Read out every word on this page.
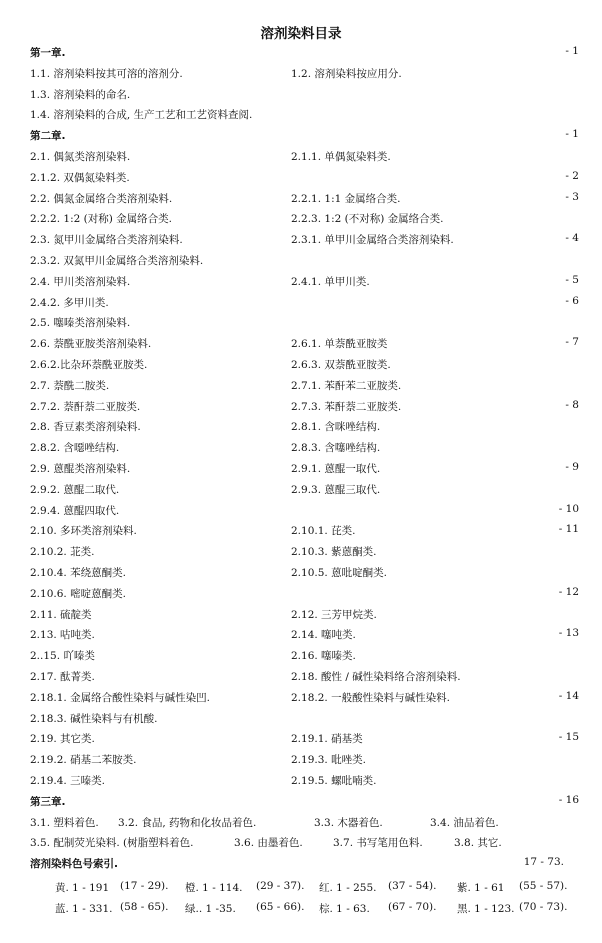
溶剂染料目录
第一章.	- 1
1.1. 溶剂染料按其可溶的溶剂分.	1.2. 溶剂染料按应用分.
1.3. 溶剂染料的命名.
1.4. 溶剂染料的合成, 生产工艺和工艺资料查阅.
第二章.	- 1
2.1. 偶氮类溶剂染料.	2.1.1. 单偶氮染料类.
2.1.2. 双偶氮染料类.	- 2
2.2. 偶氮金属络合类溶剂染料.	2.2.1. 1:1 金属络合类.	- 3
2.2.2. 1:2 (对称) 金属络合类.	2.2.3. 1:2 (不对称) 金属络合类.
2.3. 氮甲川金属络合类溶剂染料.	2.3.1. 单甲川金属络合类溶剂染料.	- 4
2.3.2. 双氮甲川金属络合类溶剂染料.
2.4. 甲川类溶剂染料.	2.4.1. 单甲川类.	- 5
2.4.2. 多甲川类.	- 6
2.5. 噻嗪类溶剂染料.
2.6. 萘酰亚胺类溶剂染料.	2.6.1. 单萘酰亚胺类	- 7
2.6.2.比杂环萘酰亚胺类.	2.6.3. 双萘酰亚胺类.
2.7. 萘酰二胺类.	2.7.1. 苯酐苯二亚胺类.
2.7.2. 萘酐萘二亚胺类.	2.7.3. 苯酐萘二亚胺类.	- 8
2.8. 香豆素类溶剂染料.	2.8.1. 含咪唑结构.
2.8.2. 含噁唑结构.	2.8.3. 含噻唑结构.
2.9. 蒽醌类溶剂染料.	2.9.1. 蒽醌一取代.	- 9
2.9.2. 蒽醌二取代.	2.9.3. 蒽醌三取代.
2.9.4. 蒽醌四取代.	- 10
2.10. 多环类溶剂染料.	2.10.1. 芘类.	- 11
2.10.2. 苝类.	2.10.3. 紫蒽酮类.
2.10.4. 苯绕蒽酮类.	2.10.5. 蒽吡啶酮类.
2.10.6. 嘧啶蒽酮类.	- 12
2.11. 硫靛类	2.12. 三芳甲烷类.
2.13. 咕吨类.	2.14. 噻吨类.	- 13
2..15. 吖嗪类	2.16. 噻嗪类.
2.17. 酞菁类.	2.18. 酸性 / 碱性染料络合溶剂染料.
2.18.1. 金属络合酸性染料与碱性染凹.	2.18.2. 一般酸性染料与碱性染料.	- 14
2.18.3. 碱性染料与有机酸.
2.19. 其它类.	2.19.1. 硝基类	- 15
2.19.2. 硝基二苯胺类.	2.19.3. 吡唑类.
2.19.4. 三嗪类.	2.19.5. 螺吡喃类.
第三章.	- 16
3.1. 塑料着色. 3.2. 食品, 药物和化妆品着色.	3.3. 木器着色.	3.4. 油品着色.
3.5. 配制荧光染料. (树脂塑料着色.	3.6. 由墨着色.	3.7. 书写笔用色料.	3.8. 其它.
溶剂染料色号索引.	17 - 73.
黄. 1 - 191 (17 - 29). 橙. 1 - 114. (29 - 37). 红. 1 - 255. (37 - 54). 紫. 1 - 61 (55 - 57).
蓝. 1 - 331. (58 - 65). 绿.. 1 -35. (65 - 66). 棕. 1 - 63. (67 - 70). 黑. 1 - 123. (70 - 73).
